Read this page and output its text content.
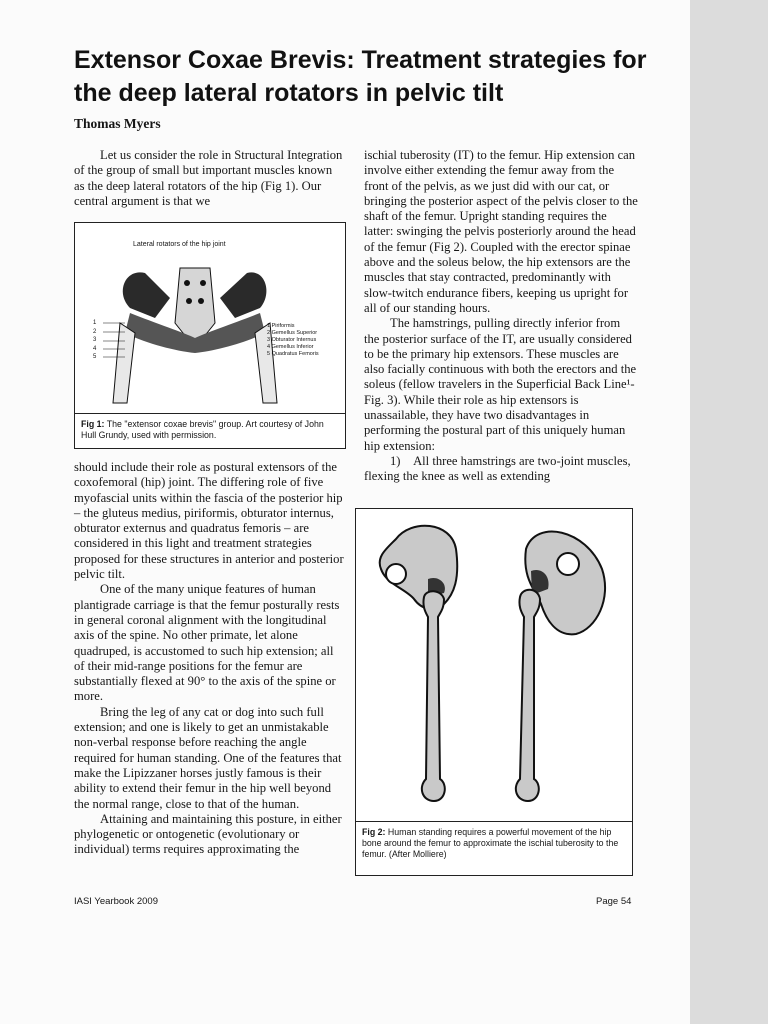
Extensor Coxae Brevis: Treatment strategies for the deep lateral rotators in pelvic tilt
Thomas Myers

Let us consider the role in Structural Integration of the group of small but important muscles known as the deep lateral rotators of the hip (Fig 1). Our central argument is that we

Lateral rotators of the hip joint
1
2
3
4
5
1 Piriformis
2 Gemellus Superior
3 Obturator Internus
4 Gemellus Inferior
5 Quadratus Femoris
Fig 1: The "extensor coxae brevis" group. Art courtesy of John Hull Grundy, used with permission.

should include their role as postural extensors of the coxofemoral (hip) joint. The differing role of five myofascial units within the fascia of the posterior hip – the gluteus medius, piriformis, obturator internus, obturator externus and quadratus femoris – are considered in this light and treatment strategies proposed for these structures in anterior and posterior pelvic tilt.

One of the many unique features of human plantigrade carriage is that the femur posturally rests in general coronal alignment with the longitudinal axis of the spine. No other primate, let alone quadruped, is accustomed to such hip extension; all of their mid-range positions for the femur are substantially flexed at 90° to the axis of the spine or more.

Bring the leg of any cat or dog into such full extension; and one is likely to get an unmistakable non-verbal response before reaching the angle required for human standing. One of the features that make the Lipizzaner horses justly famous is their ability to extend their femur in the hip well beyond the normal range, close to that of the human.

Attaining and maintaining this posture, in either phylogenetic or ontogenetic (evolutionary or individual) terms requires approximating the

ischial tuberosity (IT) to the femur. Hip extension can involve either extending the femur away from the front of the pelvis, as we just did with our cat, or bringing the posterior aspect of the pelvis closer to the shaft of the femur. Upright standing requires the latter: swinging the pelvis posteriorly around the head of the femur (Fig 2). Coupled with the erector spinae above and the soleus below, the hip extensors are the muscles that stay contracted, predominantly with slow-twitch endurance fibers, keeping us upright for all of our standing hours.

The hamstrings, pulling directly inferior from the posterior surface of the IT, are usually considered to be the primary hip extensors. These muscles are also facially continuous with both the erectors and the soleus (fellow travelers in the Superficial Back Line¹- Fig. 3). While their role as hip extensors is unassailable, they have two disadvantages in performing the postural part of this uniquely human hip extension:

1) All three hamstrings are two-joint muscles, flexing the knee as well as extending

Fig 2: Human standing requires a powerful movement of the hip bone around the femur to approximate the ischial tuberosity to the femur. (After Molliere)
IASI Yearbook 2009	Page 54
